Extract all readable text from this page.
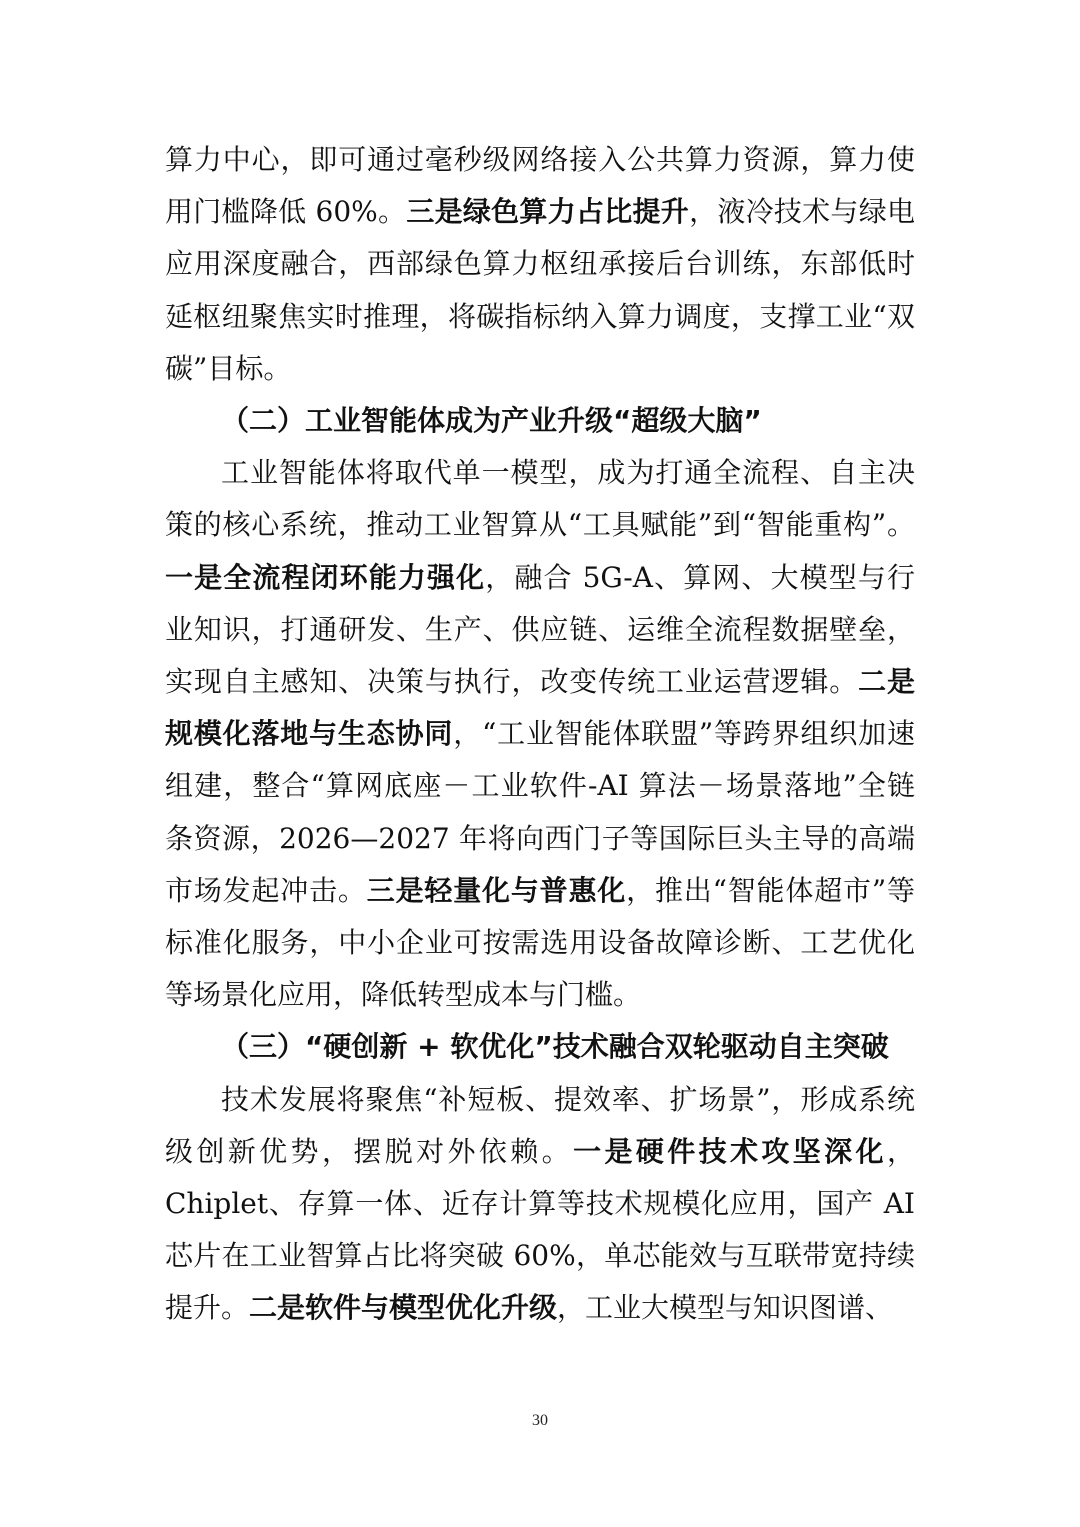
算力中心，即可通过毫秒级网络接入公共算力资源，算力使用门槛降低 60%。三是绿色算力占比提升，液冷技术与绿电应用深度融合，西部绿色算力枢纽承接后台训练，东部低时延枢纽聚焦实时推理，将碳指标纳入算力调度，支撑工业“双碳”目标。

（二）工业智能体成为产业升级“超级大脑”

工业智能体将取代单一模型，成为打通全流程、自主决策的核心系统，推动工业智算从“工具赋能”到“智能重构”。一是全流程闭环能力强化，融合 5G-A、算网、大模型与行业知识，打通研发、生产、供应链、运维全流程数据壁垒，实现自主感知、决策与执行，改变传统工业运营逻辑。二是规模化落地与生态协同，“工业智能体联盟”等跨界组织加速组建，整合“算网底座－工业软件-AI 算法－场景落地”全链条资源，2026—2027 年将向西门子等国际巨头主导的高端市场发起冲击。三是轻量化与普惠化，推出“智能体超市”等标准化服务，中小企业可按需选用设备故障诊断、工艺优化等场景化应用，降低转型成本与门槛。

（三）“硬创新 + 软优化”技术融合双轮驱动自主突破

技术发展将聚焦“补短板、提效率、扩场景”，形成系统级创新优势，摆脱对外依赖。一是硬件技术攻坚深化，Chiplet、存算一体、近存计算等技术规模化应用，国产 AI 芯片在工业智算占比将突破 60%，单芯能效与互联带宽持续提升。二是软件与模型优化升级，工业大模型与知识图谱、

30
